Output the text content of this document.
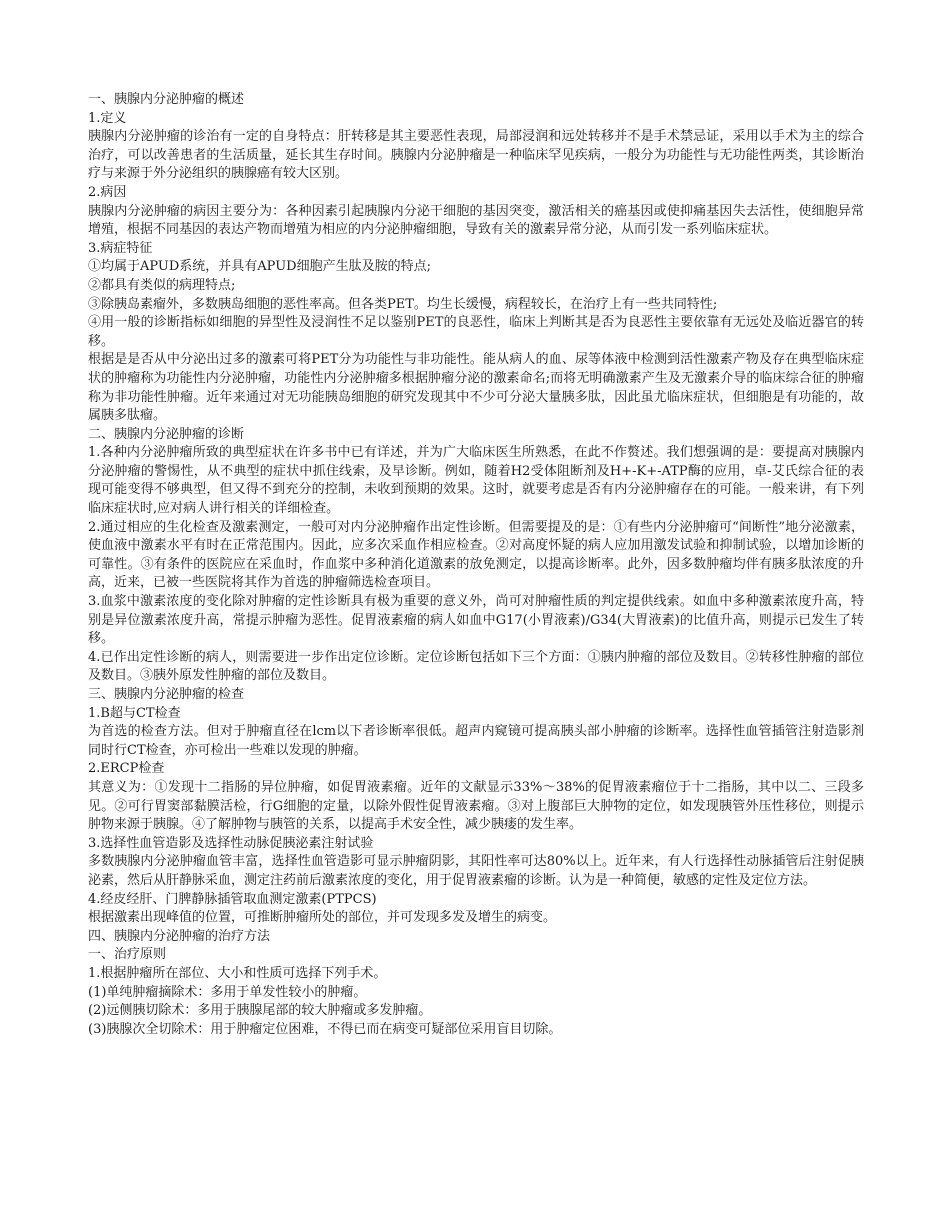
一、胰腺内分泌肿瘤的概述

1.定义

胰腺内分泌肿瘤的诊治有一定的自身特点：肝转移是其主要恶性表现，局部浸润和远处转移并不是手术禁忌证，采用以手术为主的综合治疗，可以改善患者的生活质量，延长其生存时间。胰腺内分泌肿瘤是一种临床罕见疾病，一般分为功能性与无功能性两类，其诊断治疗与来源于外分泌组织的胰腺癌有较大区别。

2.病因

胰腺内分泌肿瘤的病因主要分为：各种因素引起胰腺内分泌干细胞的基因突变，激活相关的癌基因或使抑痛基因失去活性，使细胞异常增殖，根据不同基因的表达产物而增殖为相应的内分泌肿瘤细胞，导致有关的激素异常分泌，从而引发一系列临床症状。

3.病症特征

①均属于APUD系统，并具有APUD细胞产生肽及胺的特点;

②都具有类似的病理特点;

③除胰岛素瘤外，多数胰岛细胞的恶性率高。但各类PET。均生长缓慢，病程较长，在治疗上有一些共同特性;

④用一般的诊断指标如细胞的异型性及浸润性不足以鉴别PET的良恶性，临床上判断其是否为良恶性主要依靠有无远处及临近器官的转移。

根据是是否从中分泌出过多的激素可将PET分为功能性与非功能性。能从病人的血、尿等体液中检测到活性激素产物及存在典型临床症状的肿瘤称为功能性内分泌肿瘤，功能性内分泌肿瘤多根据肿瘤分泌的激素命名;而将无明确激素产生及无激素介导的临床综合征的肿瘤称为非功能性肿瘤。近年来通过对无功能胰岛细胞的研究发现其中不少可分泌大量胰多肽，因此虽尤临床症状，但细胞是有功能的，故属胰多肽瘤。

二、胰腺内分泌肿瘤的诊断

1.各种内分泌肿瘤所致的典型症状在许多书中已有详述，并为广大临床医生所熟悉，在此不作赘述。我们想强调的是：要提高对胰腺内分泌肿瘤的警惕性，从不典型的症状中抓住线索，及早诊断。例如，随着H2受体阻断剂及H+-K+-ATP酶的应用，卓-艾氏综合征的表现可能变得不够典型，但又得不到充分的控制，未收到预期的效果。这时，就要考虑是否有内分泌肿瘤存在的可能。一般来讲，有下列临床症状时,应对病人讲行相关的详细检查。

2.通过相应的生化检查及激素测定，一般可对内分泌肿瘤作出定性诊断。但需要提及的是：①有些内分泌肿瘤可“间断性”地分泌激素，使血液中激素水平有时在正常范围内。因此，应多次采血作相应检查。②对高度怀疑的病人应加用激发试验和抑制试验，以增加诊断的可靠性。③有条件的医院应在采血时，作血浆中多种消化道激素的放免测定，以提高诊断率。此外，因多数肿瘤均伴有胰多肽浓度的升高，近来，已被一些医院将其作为首选的肿瘤筛选检查项目。

3.血浆中激素浓度的变化除对肿瘤的定性诊断具有极为重要的意义外，尚可对肿瘤性质的判定提供线索。如血中多种激素浓度升高，特别是异位激素浓度升高，常提示肿瘤为恶性。促胃液素瘤的病人如血中G17(小胃液素)/G34(大胃液素)的比值升高，则提示已发生了转移。

4.已作出定性诊断的病人，则需要进一步作出定位诊断。定位诊断包括如下三个方面：①胰内肿瘤的部位及数目。②转移性肿瘤的部位及数目。③胰外原发性肿瘤的部位及数目。

三、胰腺内分泌肿瘤的检查

1.B超与CT检查

为首选的检查方法。但对于肿瘤直径在lcm以下者诊断率很低。超声内窥镜可提高胰头部小肿瘤的诊断率。选择性血管插管注射造影剂同时行CT检查，亦可检出一些难以发现的肿瘤。

2.ERCP检查

其意义为：①发现十二指肠的异位肿瘤，如促胃液素瘤。近年的文献显示33%～38%的促胃液素瘤位于十二指肠，其中以二、三段多见。②可行胃窦部黏膜活检，行G细胞的定量，以除外假性促胃液素瘤。③对上腹部巨大肿物的定位，如发现胰管外压性移位，则提示肿物来源于胰腺。④了解肿物与胰管的关系，以提高手术安全性，减少胰瘘的发生率。

3.选择性血管造影及选择性动脉促胰泌素注射试验

多数胰腺内分泌肿瘤血管丰富，选择性血管造影可显示肿瘤阴影，其阳性率可达80%以上。近年来，有人行选择性动脉插管后注射促胰泌素，然后从肝静脉采血，测定注药前后激素浓度的变化，用于促胃液素瘤的诊断。认为是一种简便，敏感的定性及定位方法。

4.经皮经肝、门脾静脉插管取血测定激素(PTPCS)

根据激素出现峰值的位置，可推断肿瘤所处的部位，并可发现多发及增生的病变。

四、胰腺内分泌肿瘤的治疗方法

一、治疗原则

1.根据肿瘤所在部位、大小和性质可选择下列手术。

(1)单纯肿瘤摘除术：多用于单发性较小的肿瘤。

(2)远侧胰切除术：多用于胰腺尾部的较大肿瘤或多发肿瘤。

(3)胰腺次全切除术：用于肿瘤定位困难，不得已而在病变可疑部位采用盲目切除。
